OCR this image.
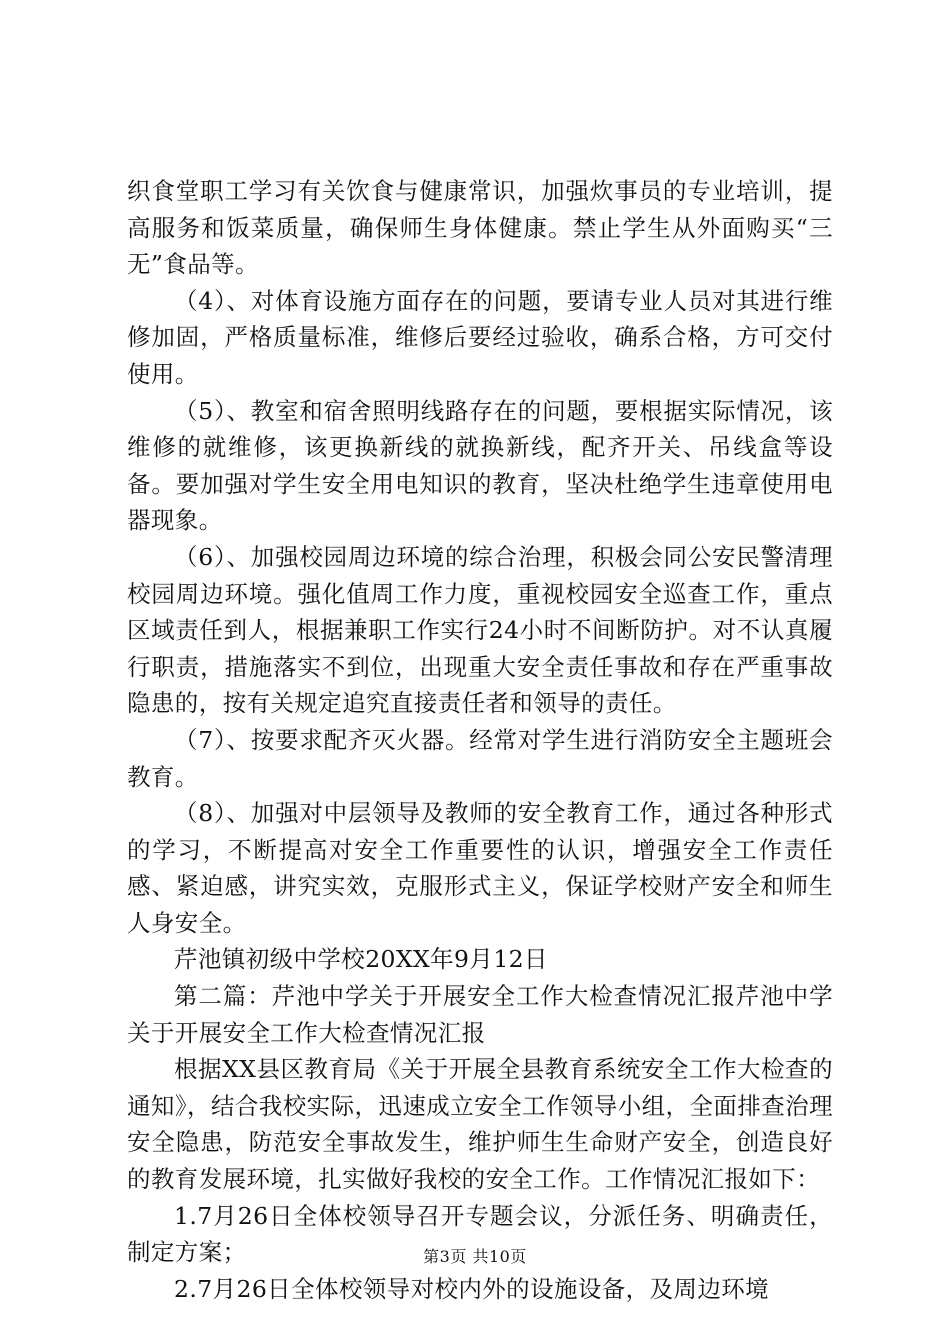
织食堂职工学习有关饮食与健康常识，加强炊事员的专业培训，提高服务和饭菜质量，确保师生身体健康。禁止学生从外面购买“三无”食品等。

（4）、对体育设施方面存在的问题，要请专业人员对其进行维修加固，严格质量标准，维修后要经过验收，确系合格，方可交付使用。

（5）、教室和宿舍照明线路存在的问题，要根据实际情况，该维修的就维修，该更换新线的就换新线，配齐开关、吊线盒等设备。要加强对学生安全用电知识的教育，坚决杜绝学生违章使用电器现象。

（6）、加强校园周边环境的综合治理，积极会同公安民警清理校园周边环境。强化值周工作力度，重视校园安全巡查工作，重点区域责任到人，根据兼职工作实行24小时不间断防护。对不认真履行职责，措施落实不到位，出现重大安全责任事故和存在严重事故隐患的，按有关规定追究直接责任者和领导的责任。

（7）、按要求配齐灭火器。经常对学生进行消防安全主题班会教育。

（8）、加强对中层领导及教师的安全教育工作，通过各种形式的学习，不断提高对安全工作重要性的认识，增强安全工作责任感、紧迫感，讲究实效，克服形式主义，保证学校财产安全和师生人身安全。

芹池镇初级中学校20XX年9月12日

第二篇：芹池中学关于开展安全工作大检查情况汇报芹池中学关于开展安全工作大检查情况汇报

根据XX县区教育局《关于开展全县教育系统安全工作大检查的通知》，结合我校实际，迅速成立安全工作领导小组，全面排查治理安全隐患，防范安全事故发生，维护师生生命财产安全，创造良好的教育发展环境，扎实做好我校的安全工作。工作情况汇报如下：

1.7月26日全体校领导召开专题会议，分派任务、明确责任，制定方案；

2.7月26日全体校领导对校内外的设施设备，及周边环境

第3页 共10页
